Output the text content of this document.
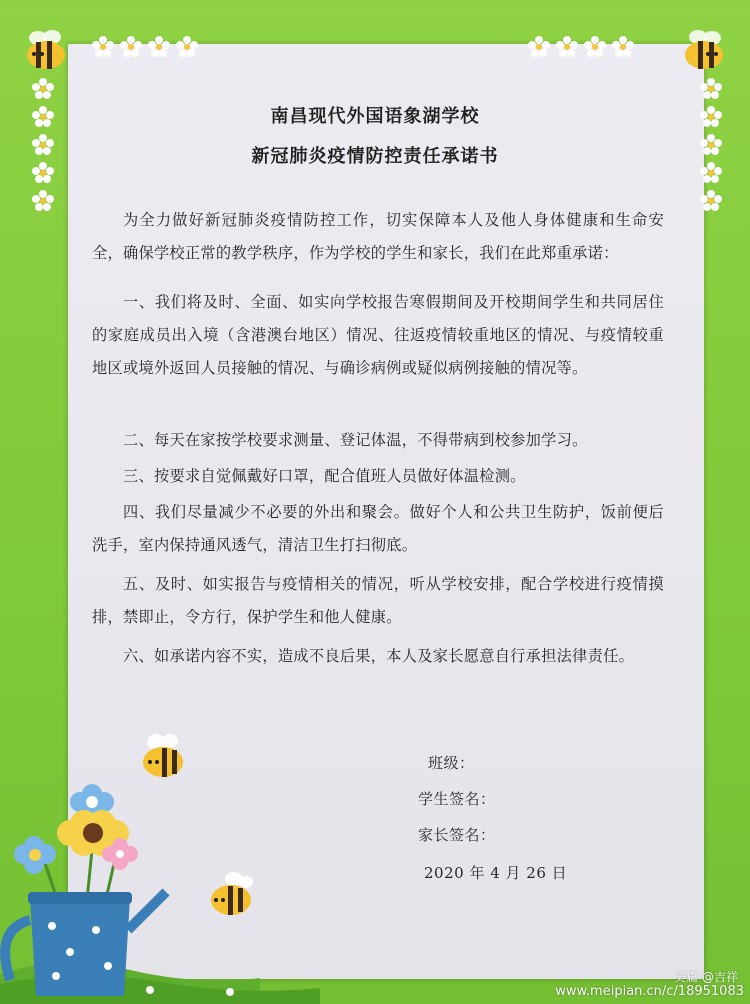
南昌现代外国语象湖学校
新冠肺炎疫情防控责任承诺书

为全力做好新冠肺炎疫情防控工作，切实保障本人及他人身体健康和生命安全，确保学校正常的教学秩序，作为学校的学生和家长，我们在此郑重承诺：

一、我们将及时、全面、如实向学校报告寒假期间及开校期间学生和共同居住的家庭成员出入境（含港澳台地区）情况、往返疫情较重地区的情况、与疫情较重地区或境外返回人员接触的情况、与确诊病例或疑似病例接触的情况等。

二、每天在家按学校要求测量、登记体温，不得带病到校参加学习。

三、按要求自觉佩戴好口罩，配合值班人员做好体温检测。

四、我们尽量减少不必要的外出和聚会。做好个人和公共卫生防护，饭前便后洗手，室内保持通风透气，清洁卫生打扫彻底。

五、及时、如实报告与疫情相关的情况，听从学校安排，配合学校进行疫情摸排，禁即止，令方行，保护学生和他人健康。

六、如承诺内容不实，造成不良后果，本人及家长愿意自行承担法律责任。

班级：
学生签名：
家长签名：
2020 年 4 月 26 日
美篇 @吉祥
www.meipian.cn/c/18951083
